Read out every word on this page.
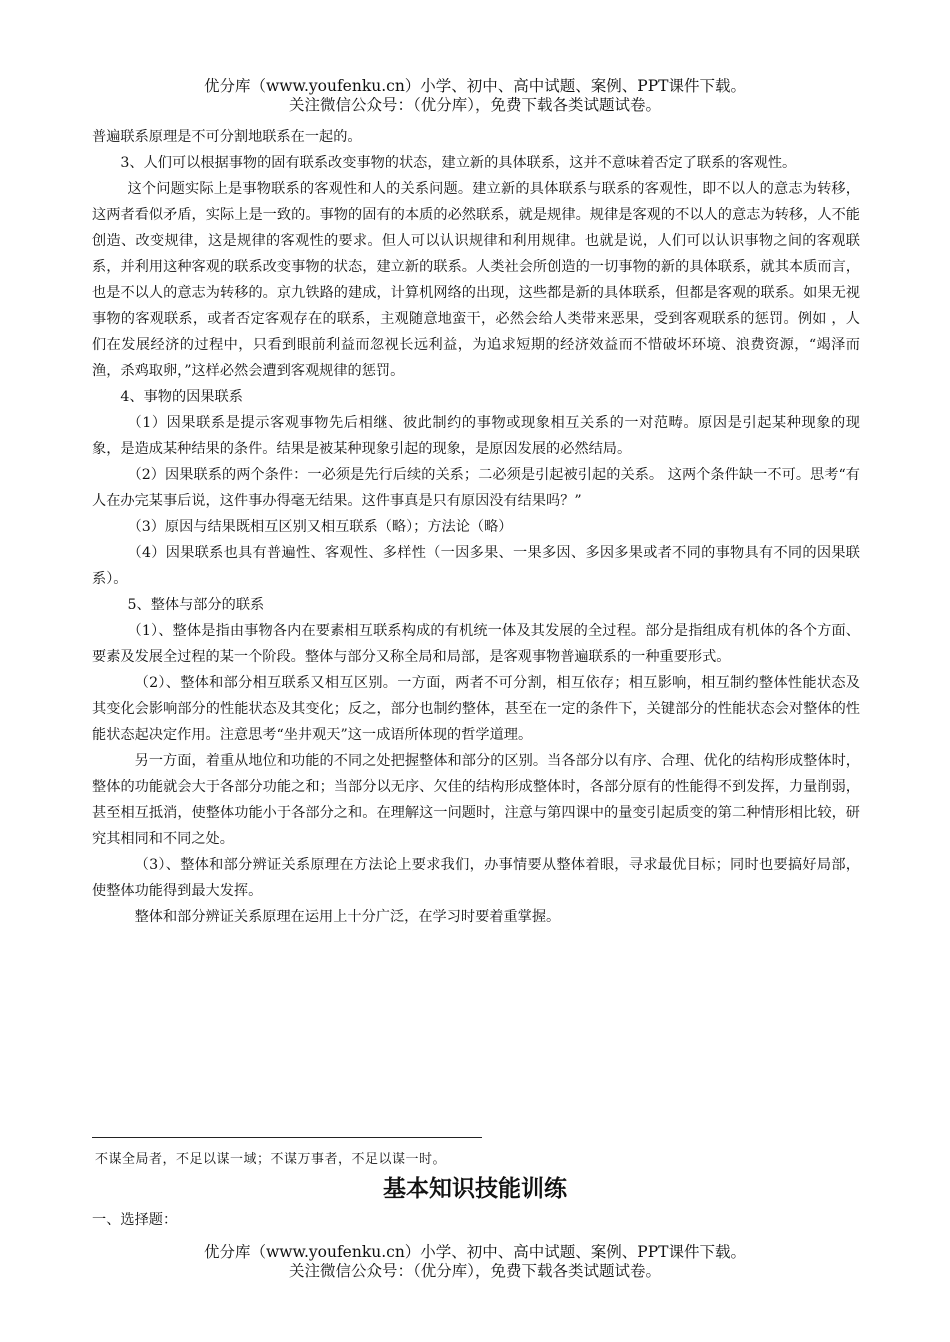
优分库（www.youfenku.cn）小学、初中、高中试题、案例、PPT课件下载。

关注微信公众号：（优分库），免费下载各类试题试卷。

普遍联系原理是不可分割地联系在一起的。

3、人们可以根据事物的固有联系改变事物的状态，建立新的具体联系，这并不意味着否定了联系的客观性。

这个问题实际上是事物联系的客观性和人的关系问题。建立新的具体联系与联系的客观性，即不以人的意志为转移，这两者看似矛盾，实际上是一致的。事物的固有的本质的必然联系，就是规律。规律是客观的不以人的意志为转移，人不能创造、改变规律，这是规律的客观性的要求。但人可以认识规律和利用规律。也就是说，人们可以认识事物之间的客观联系，并利用这种客观的联系改变事物的状态，建立新的联系。人类社会所创造的一切事物的新的具体联系，就其本质而言，也是不以人的意志为转移的。京九铁路的建成，计算机网络的出现，这些都是新的具体联系，但都是客观的联系。如果无视事物的客观联系，或者否定客观存在的联系，主观随意地蛮干，必然会给人类带来恶果，受到客观联系的惩罚。例如 ，人们在发展经济的过程中，只看到眼前利益而忽视长远利益，为追求短期的经济效益而不惜破坏环境、浪费资源，“竭泽而渔，杀鸡取卵，”这样必然会遭到客观规律的惩罚。

4、事物的因果联系

（1）因果联系是提示客观事物先后相继、彼此制约的事物或现象相互关系的一对范畴。原因是引起某种现象的现象，是造成某种结果的条件。结果是被某种现象引起的现象，是原因发展的必然结局。

（2）因果联系的两个条件：一必须是先行后续的关系；二必须是引起被引起的关系。 这两个条件缺一不可。思考“有人在办完某事后说，这件事办得毫无结果。这件事真是只有原因没有结果吗？”

（3）原因与结果既相互区别又相互联系（略）；方法论（略）

（4）因果联系也具有普遍性、客观性、多样性（一因多果、一果多因、多因多果或者不同的事物具有不同的因果联系）。

5、整体与部分的联系

（1）、整体是指由事物各内在要素相互联系构成的有机统一体及其发展的全过程。部分是指组成有机体的各个方面、要素及发展全过程的某一个阶段。整体与部分又称全局和局部，是客观事物普遍联系的一种重要形式。

（2）、整体和部分相互联系又相互区别。一方面，两者不可分割，相互依存；相互影响，相互制约整体性能状态及其变化会影响部分的性能状态及其变化；反之，部分也制约整体，甚至在一定的条件下，关键部分的性能状态会对整体的性能状态起决定作用。注意思考“坐井观天”这一成语所体现的哲学道理。

另一方面，着重从地位和功能的不同之处把握整体和部分的区别。当各部分以有序、合理、优化的结构形成整体时，整体的功能就会大于各部分功能之和；当部分以无序、欠佳的结构形成整体时，各部分原有的性能得不到发挥，力量削弱，甚至相互抵消，使整体功能小于各部分之和。在理解这一问题时，注意与第四课中的量变引起质变的第二种情形相比较，研究其相同和不同之处。

（3）、整体和部分辨证关系原理在方法论上要求我们，办事情要从整体着眼，寻求最优目标；同时也要搞好局部，使整体功能得到最大发挥。

整体和部分辨证关系原理在运用上十分广泛，在学习时要着重掌握。

不谋全局者，不足以谋一域；不谋万事者，不足以谋一时。
基本知识技能训练
一、选择题：

优分库（www.youfenku.cn）小学、初中、高中试题、案例、PPT课件下载。

关注微信公众号：（优分库），免费下载各类试题试卷。
